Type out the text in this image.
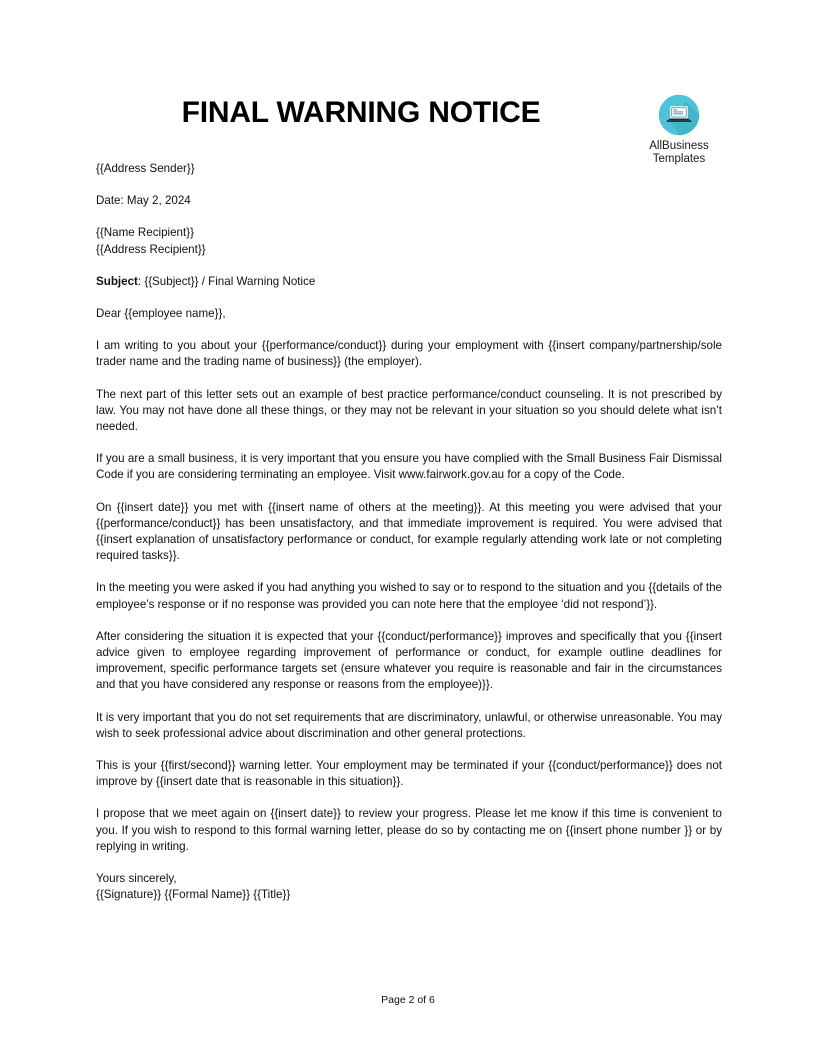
FINAL WARNING NOTICE
AllBusiness
Templates

{{Address Sender}}

Date: May 2, 2024

{{Name Recipient}}
{{Address Recipient}}

Subject: {{Subject}} / Final Warning Notice

Dear {{employee name}},

I am writing to you about your {{performance/conduct}} during your employment with {{insert company/partnership/sole trader name and the trading name of business}} (the employer).

The next part of this letter sets out an example of best practice performance/conduct counseling. It is not prescribed by law. You may not have done all these things, or they may not be relevant in your situation so you should delete what isn’t needed.

If you are a small business, it is very important that you ensure you have complied with the Small Business Fair Dismissal Code if you are considering terminating an employee. Visit www.fairwork.gov.au for a copy of the Code.

On {{insert date}} you met with {{insert name of others at the meeting}}. At this meeting you were advised that your {{performance/conduct}} has been unsatisfactory, and that immediate improvement is required. You were advised that {{insert explanation of unsatisfactory performance or conduct, for example regularly attending work late or not completing required tasks}}.

In the meeting you were asked if you had anything you wished to say or to respond to the situation and you {{details of the employee’s response or if no response was provided you can note here that the employee ‘did not respond’}}.

After considering the situation it is expected that your {{conduct/performance}} improves and specifically that you {{insert advice given to employee regarding improvement of performance or conduct, for example outline deadlines for improvement, specific performance targets set (ensure whatever you require is reasonable and fair in the circumstances and that you have considered any response or reasons from the employee)}}.

It is very important that you do not set requirements that are discriminatory, unlawful, or otherwise unreasonable. You may wish to seek professional advice about discrimination and other general protections.

This is your {{first/second}} warning letter. Your employment may be terminated if your {{conduct/performance}} does not improve by {{insert date that is reasonable in this situation}}.

I propose that we meet again on {{insert date}} to review your progress. Please let me know if this time is convenient to you. If you wish to respond to this formal warning letter, please do so by contacting me on {{insert phone number }} or by replying in writing.

Yours sincerely,
{{Signature}} {{Formal Name}} {{Title}}

Page 2 of 6
